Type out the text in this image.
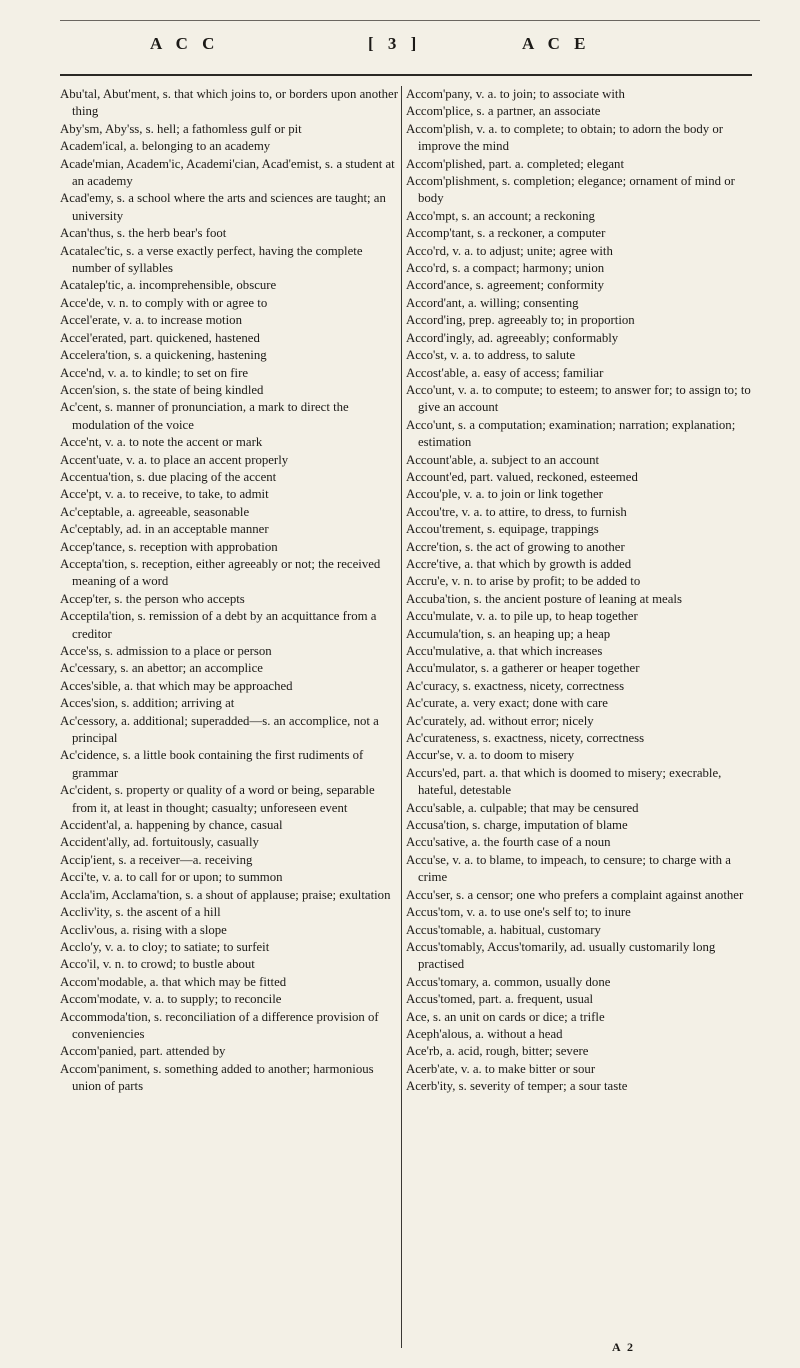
A C C	[ 3 ]	A C E
Abu'tal, Abut'ment, s. that which joins to, or borders upon another thing
Aby'sm, Aby'ss, s. hell; a fathomless gulf or pit
Academ'ical, a. belonging to an academy
Acade'mian, Academ'ic, Academi'cian, Acad'emist, s. a student at an academy
Acad'emy, s. a school where the arts and sciences are taught; an university
Acan'thus, s. the herb bear's foot
Acatalec'tic, s. a verse exactly perfect, having the complete number of syllables
Acatalep'tic, a. incomprehensible, obscure
Acce'de, v. n. to comply with or agree to
Accel'erate, v. a. to increase motion
Accel'erated, part. quickened, hastened
Accelera'tion, s. a quickening, hastening
Acce'nd, v. a. to kindle; to set on fire
Accen'sion, s. the state of being kindled
Ac'cent, s. manner of pronunciation, a mark to direct the modulation of the voice
Acce'nt, v. a. to note the accent or mark
Accent'uate, v. a. to place an accent properly
Accentua'tion, s. due placing of the accent
Acce'pt, v. a. to receive, to take, to admit
Ac'ceptable, a. agreeable, seasonable
Ac'ceptably, ad. in an acceptable manner
Accep'tance, s. reception with approbation
Accepta'tion, s. reception, either agreeably or not; the received meaning of a word
Accep'ter, s. the person who accepts
Acceptila'tion, s. remission of a debt by an acquittance from a creditor
Acce'ss, s. admission to a place or person
Ac'cessary, s. an abettor; an accomplice
Acces'sible, a. that which may be approached
Acces'sion, s. addition; arriving at
Ac'cessory, a. additional; superadded—s. an accomplice, not a principal
Ac'cidence, s. a little book containing the first rudiments of grammar
Ac'cident, s. property or quality of a word or being, separable from it, at least in thought; casualty; unforeseen event
Accident'al, a. happening by chance, casual
Accident'ally, ad. fortuitously, casually
Accip'ient, s. a receiver—a. receiving
Acci'te, v. a. to call for or upon; to summon
Accla'im, Acclama'tion, s. a shout of applause; praise; exultation
Accliv'ity, s. the ascent of a hill
Accliv'ous, a. rising with a slope
Acclo'y, v. a. to cloy; to satiate; to surfeit
Acco'il, v. n. to crowd; to bustle about
Accom'modable, a. that which may be fitted
Accom'modate, v. a. to supply; to reconcile
Accommoda'tion, s. reconciliation of a difference provision of conveniencies
Accom'panied, part. attended by
Accom'paniment, s. something added to another; harmonious union of parts
Accom'pany, v. a. to join; to associate with
Accom'plice, s. a partner, an associate
Accom'plish, v. a. to complete; to obtain; to adorn the body or improve the mind
Accom'plished, part. a. completed; elegant
Accom'plishment, s. completion; elegance; ornament of mind or body
Acco'mpt, s. an account; a reckoning
Accomp'tant, s. a reckoner, a computer
Acco'rd, v. a. to adjust; unite; agree with
Acco'rd, s. a compact; harmony; union
Accord'ance, s. agreement; conformity
Accord'ant, a. willing; consenting
Accord'ing, prep. agreeably to; in proportion
Accord'ingly, ad. agreeably; conformably
Acco'st, v. a. to address, to salute
Accost'able, a. easy of access; familiar
Acco'unt, v. a. to compute; to esteem; to answer for; to assign to; to give an account
Acco'unt, s. a computation; examination; narration; explanation; estimation
Account'able, a. subject to an account
Account'ed, part. valued, reckoned, esteemed
Accou'ple, v. a. to join or link together
Accou'tre, v. a. to attire, to dress, to furnish
Accou'trement, s. equipage, trappings
Accre'tion, s. the act of growing to another
Accre'tive, a. that which by growth is added
Accru'e, v. n. to arise by profit; to be added to
Accuba'tion, s. the ancient posture of leaning at meals
Accu'mulate, v. a. to pile up, to heap together
Accumula'tion, s. an heaping up; a heap
Accu'mulative, a. that which increases
Accu'mulator, s. a gatherer or heaper together
Ac'curacy, s. exactness, nicety, correctness
Ac'curate, a. very exact; done with care
Ac'curately, ad. without error; nicely
Ac'curateness, s. exactness, nicety, correctness
Accur'se, v. a. to doom to misery
Accurs'ed, part. a. that which is doomed to misery; execrable, hateful, detestable
Accu'sable, a. culpable; that may be censured
Accusa'tion, s. charge, imputation of blame
Accu'sative, a. the fourth case of a noun
Accu'se, v. a. to blame, to impeach, to censure; to charge with a crime
Accu'ser, s. a censor; one who prefers a complaint against another
Accus'tom, v. a. to use one's self to; to inure
Accus'tomable, a. habitual, customary
Accus'tomably, Accus'tomarily, ad. usually customarily long practised
Accus'tomary, a. common, usually done
Accus'tomed, part. a. frequent, usual
Ace, s. an unit on cards or dice; a trifle
Aceph'alous, a. without a head
Ace'rb, a. acid, rough, bitter; severe
Acerb'ate, v. a. to make bitter or sour
Acerb'ity, s. severity of temper; a sour taste
A 2
